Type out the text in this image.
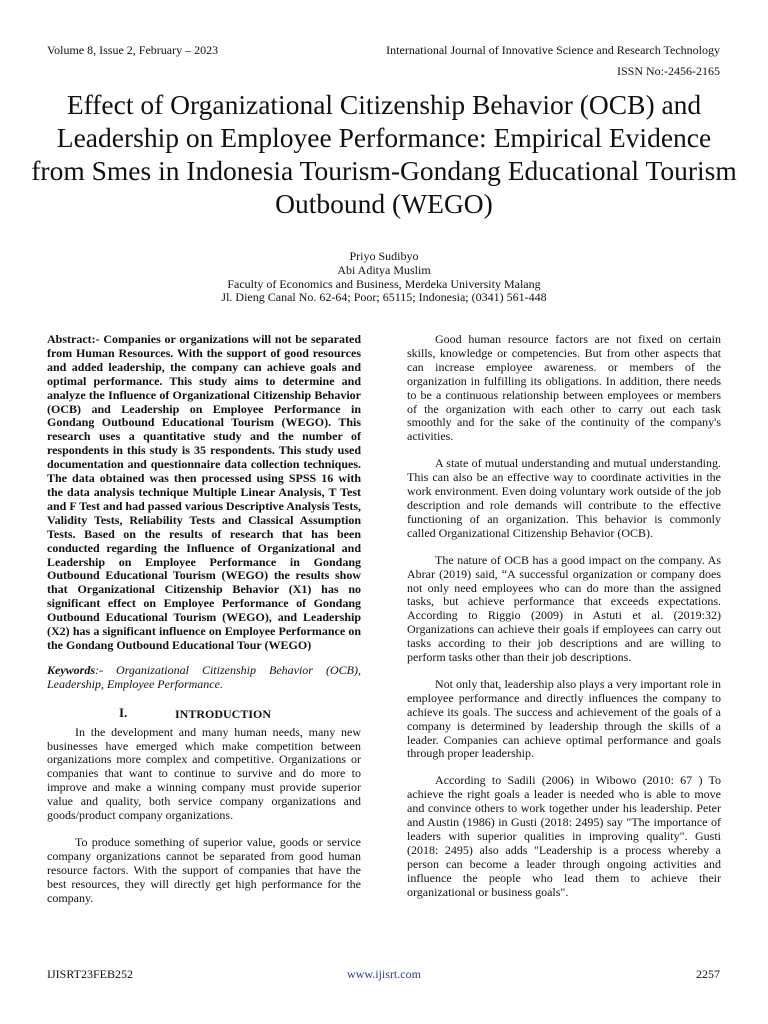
Volume 8, Issue 2, February – 2023	International Journal of Innovative Science and Research Technology
ISSN No:-2456-2165
Effect of Organizational Citizenship Behavior (OCB) and Leadership on Employee Performance: Empirical Evidence from Smes in Indonesia Tourism-Gondang Educational Tourism Outbound (WEGO)
Priyo Sudibyo
Abi Aditya Muslim
Faculty of Economics and Business, Merdeka University Malang
Jl. Dieng Canal No. 62-64; Poor; 65115; Indonesia; (0341) 561-448

Abstract:- Companies or organizations will not be separated from Human Resources. With the support of good resources and added leadership, the company can achieve goals and optimal performance. This study aims to determine and analyze the Influence of Organizational Citizenship Behavior (OCB) and Leadership on Employee Performance in Gondang Outbound Educational Tourism (WEGO). This research uses a quantitative study and the number of respondents in this study is 35 respondents. This study used documentation and questionnaire data collection techniques. The data obtained was then processed using SPSS 16 with the data analysis technique Multiple Linear Analysis, T Test and F Test and had passed various Descriptive Analysis Tests, Validity Tests, Reliability Tests and Classical Assumption Tests. Based on the results of research that has been conducted regarding the Influence of Organizational and Leadership on Employee Performance in Gondang Outbound Educational Tourism (WEGO) the results show that Organizational Citizenship Behavior (X1) has no significant effect on Employee Performance of Gondang Outbound Educational Tourism (WEGO), and Leadership (X2) has a significant influence on Employee Performance on the Gondang Outbound Educational Tour (WEGO)

Keywords:- Organizational Citizenship Behavior (OCB), Leadership, Employee Performance.

I.	INTRODUCTION

In the development and many human needs, many new businesses have emerged which make competition between organizations more complex and competitive. Organizations or companies that want to continue to survive and do more to improve and make a winning company must provide superior value and quality, both service company organizations and goods/product company organizations.

To produce something of superior value, goods or service company organizations cannot be separated from good human resource factors. With the support of companies that have the best resources, they will directly get high performance for the company.

Good human resource factors are not fixed on certain skills, knowledge or competencies. But from other aspects that can increase employee awareness. or members of the organization in fulfilling its obligations. In addition, there needs to be a continuous relationship between employees or members of the organization with each other to carry out each task smoothly and for the sake of the continuity of the company's activities.

A state of mutual understanding and mutual understanding. This can also be an effective way to coordinate activities in the work environment. Even doing voluntary work outside of the job description and role demands will contribute to the effective functioning of an organization. This behavior is commonly called Organizational Citizenship Behavior (OCB).

The nature of OCB has a good impact on the company. As Abrar (2019) said, “A successful organization or company does not only need employees who can do more than the assigned tasks, but achieve performance that exceeds expectations. According to Riggio (2009) in Astuti et al. (2019:32) Organizations can achieve their goals if employees can carry out tasks according to their job descriptions and are willing to perform tasks other than their job descriptions.

Not only that, leadership also plays a very important role in employee performance and directly influences the company to achieve its goals. The success and achievement of the goals of a company is determined by leadership through the skills of a leader. Companies can achieve optimal performance and goals through proper leadership.

According to Sadili (2006) in Wibowo (2010: 67 ) To achieve the right goals a leader is needed who is able to move and convince others to work together under his leadership. Peter and Austin (1986) in Gusti (2018: 2495) say "The importance of leaders with superior qualities in improving quality". Gusti (2018: 2495) also adds "Leadership is a process whereby a person can become a leader through ongoing activities and influence the people who lead them to achieve their organizational or business goals".

IJISRT23FEB252	www.ijisrt.com	2257
